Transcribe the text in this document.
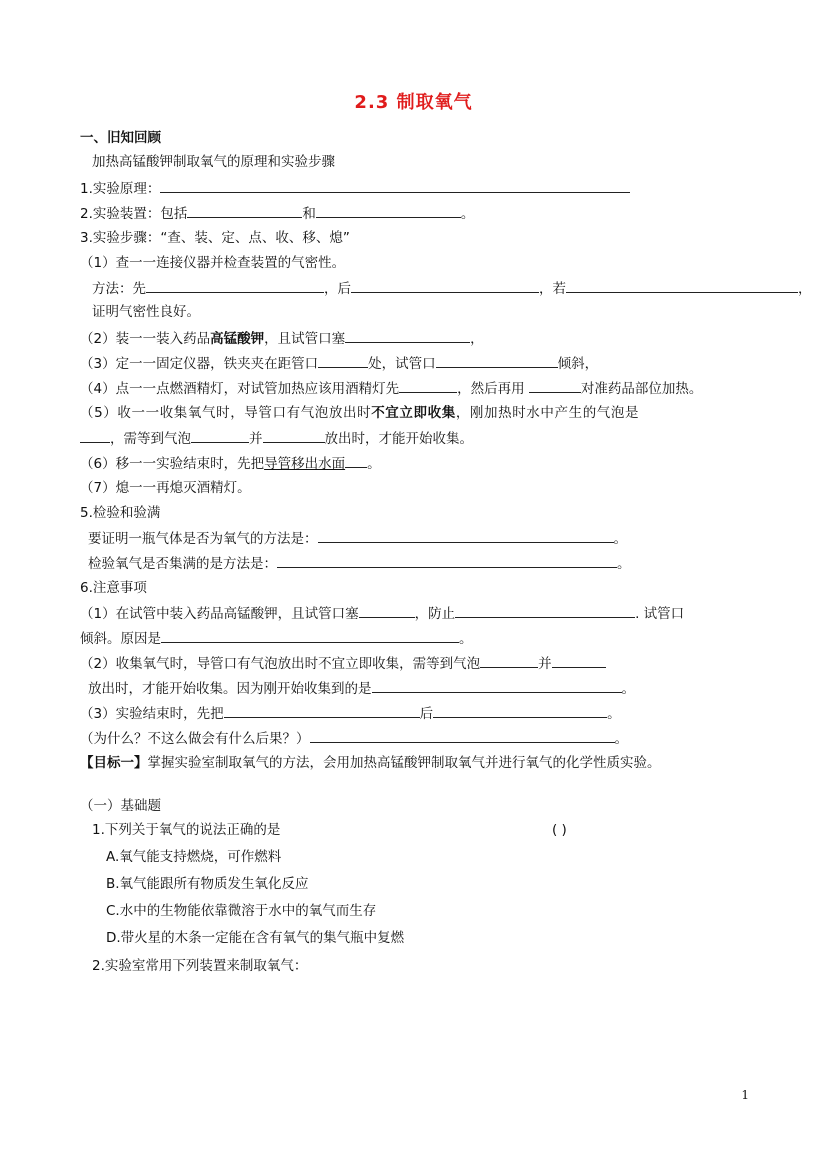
2.3 制取氧气
一、旧知回顾
加热高锰酸钾制取氧气的原理和实验步骤
1.实验原理：
2.实验装置：包括	和	。
3.实验步骤：“查、装、定、点、收、移、熄”
（1）查一一连接仪器并检查装置的气密性。
方法：先	，后	，若	，
证明气密性良好。
（2）装一一装入药品高锰酸钾，且试管口塞	，
（3）定一一固定仪器，铁夹夹在距管口	处，试管口	倾斜，
（4）点一一点燃酒精灯，对试管加热应该用酒精灯先	，然后再用	对准药品部位加热。
（5）收一一收集氧气时，导管口有气泡放出时不宜立即收集，刚加热时水中产生的气泡是
，需等到气泡	并	放出时，才能开始收集。
（6）移一一实验结束时，先把导管移出水面 。
（7）熄一一再熄灭酒精灯。
5.检验和验满
要证明一瓶气体是否为氧气的方法是：	。
检验氧气是否集满的是方法是：	。
6.注意事项
（1）在试管中装入药品高锰酸钾，且试管口塞	，防止	. 试管口
倾斜。原因是	。
（2）收集氧气时，导管口有气泡放出时不宜立即收集，需等到气泡	并
放出时，才能开始收集。因为刚开始收集到的是	。
（3）实验结束时，先把	后	。
（为什么？不这么做会有什么后果？）	。
【目标一】掌握实验室制取氧气的方法，会用加热高锰酸钾制取氧气并进行氧气的化学性质实验。
（一）基础题
1.下列关于氧气的说法正确的是	( )
A.氧气能支持燃烧，可作燃料
B.氧气能跟所有物质发生氧化反应
C.水中的生物能依靠微溶于水中的氧气而生存
D.带火星的木条一定能在含有氧气的集气瓶中复燃
2.实验室常用下列装置来制取氧气：
1
